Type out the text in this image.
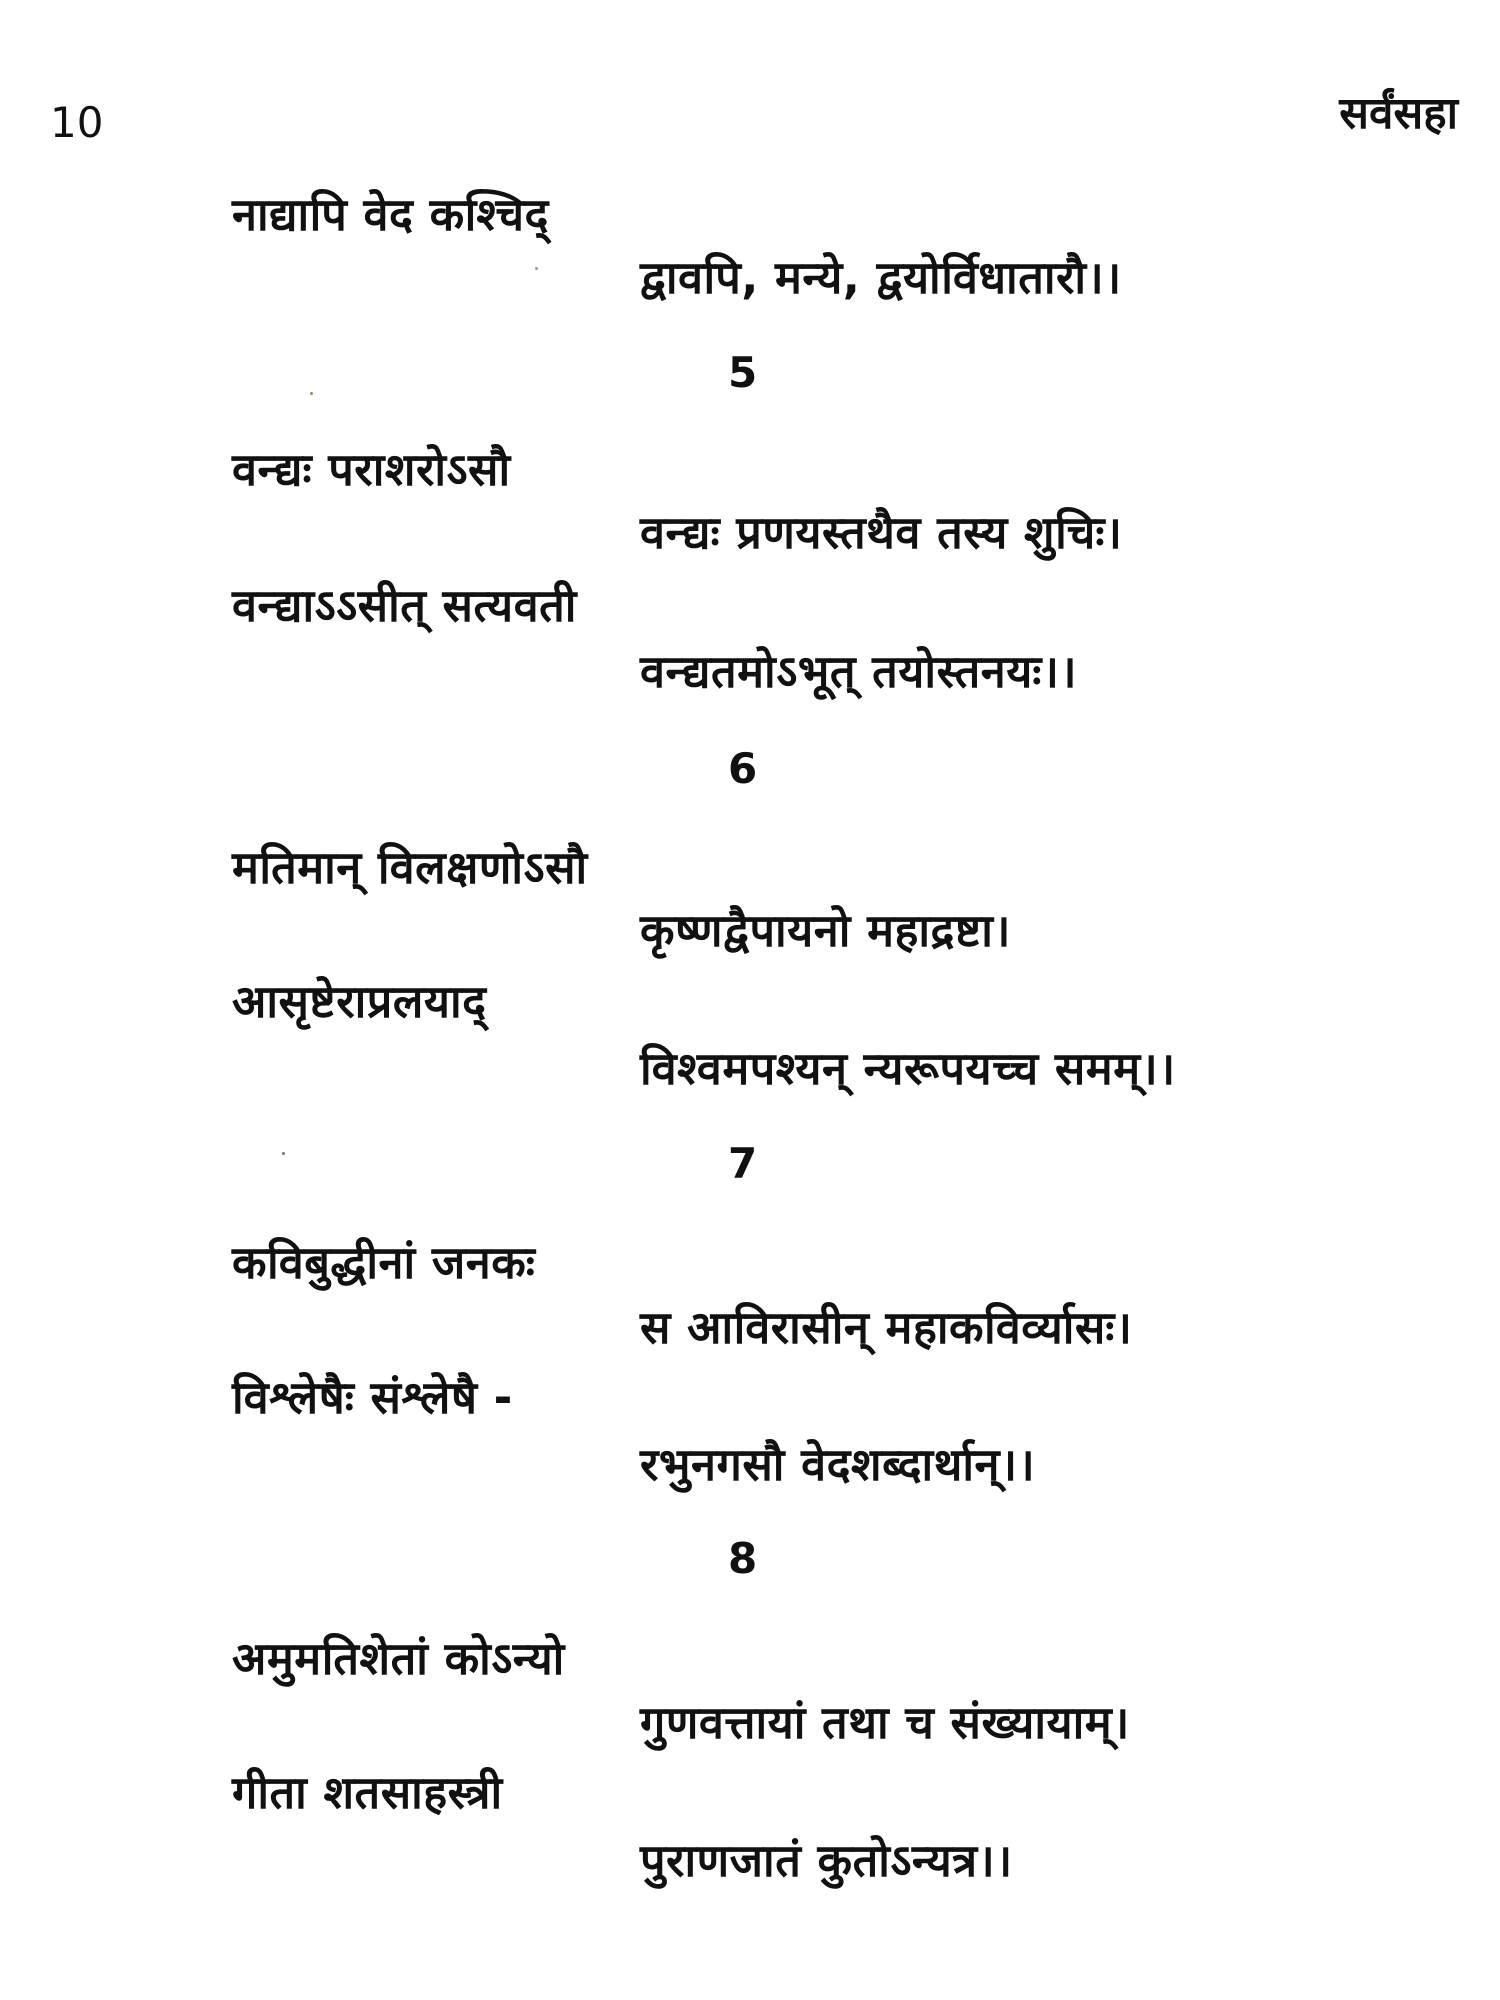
10	सर्वंसहा
नाद्यापि वेद कश्चिद्
द्वावपि, मन्ये, द्वयोर्विधातारौ।।
5
वन्द्यः पराशरोऽसौ
वन्द्यः प्रणयस्तथैव तस्य शुचिः।
वन्द्याऽऽसीत् सत्यवती
वन्द्यतमोऽभूत् तयोस्तनयः।।
6
मतिमान् विलक्षणोऽसौ
कृष्णद्वैपायनो महाद्रष्टा।
आसृष्टेराप्रलयाद्
विश्वमपश्यन् न्यरूपयच्च समम्।।
7
कविबुद्धीनां जनकः
स आविरासीन् महाकविर्व्यासः।
विश्लेषैः संश्लेषै -
रभुनगसौ वेदशब्दार्थान्।।
8
अमुमतिशेतां कोऽन्यो
गुणवत्तायां तथा च संख्यायाम्।
गीता शतसाहस्त्री
पुराणजातं कुतोऽन्यत्र।।
